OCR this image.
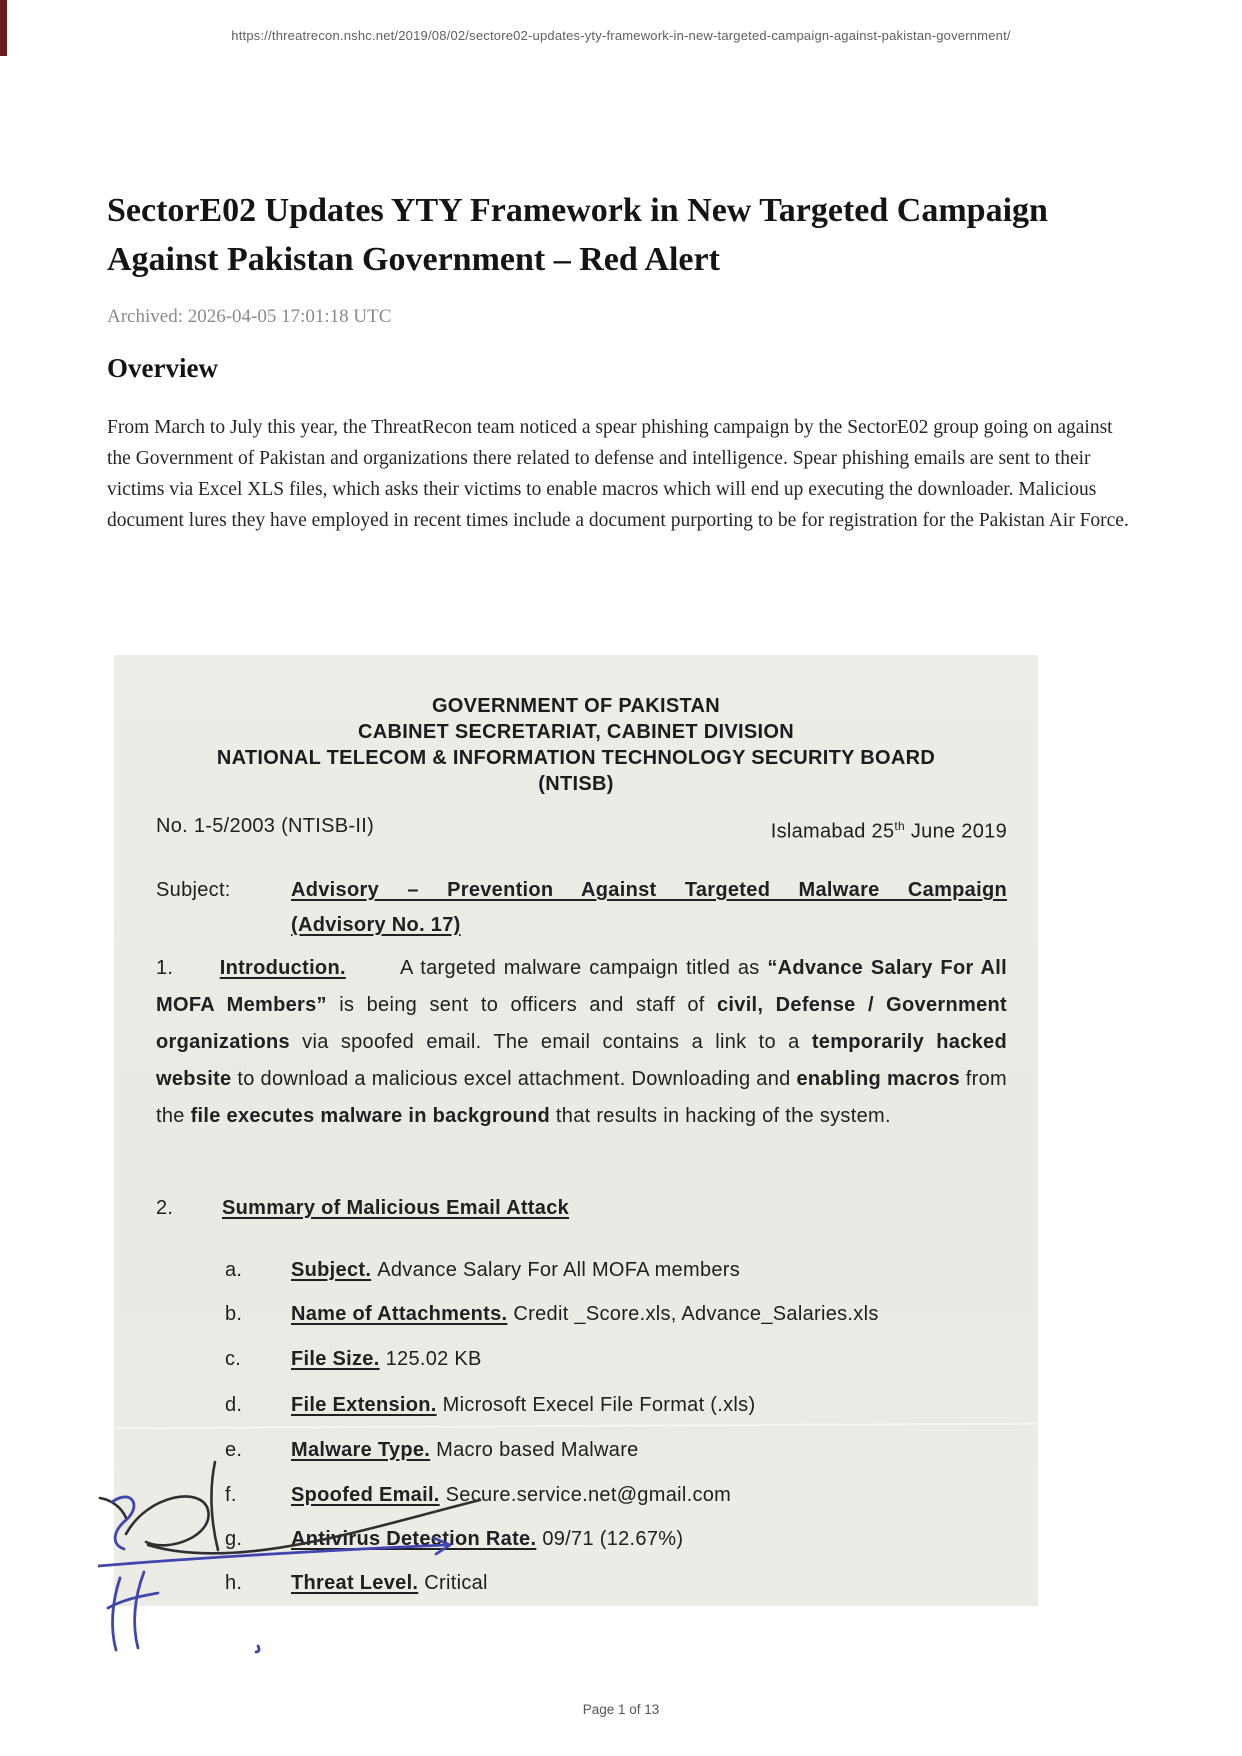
https://threatrecon.nshc.net/2019/08/02/sectore02-updates-yty-framework-in-new-targeted-campaign-against-pakistan-government/
SectorE02 Updates YTY Framework in New Targeted Campaign Against Pakistan Government – Red Alert
Archived: 2026-04-05 17:01:18 UTC
Overview

From March to July this year, the ThreatRecon team noticed a spear phishing campaign by the SectorE02 group going on against the Government of Pakistan and organizations there related to defense and intelligence. Spear phishing emails are sent to their victims via Excel XLS files, which asks their victims to enable macros which will end up executing the downloader. Malicious document lures they have employed in recent times include a document purporting to be for registration for the Pakistan Air Force.

GOVERNMENT OF PAKISTAN
CABINET SECRETARIAT, CABINET DIVISION
NATIONAL TELECOM & INFORMATION TECHNOLOGY SECURITY BOARD
(NTISB)
No. 1-5/2003 (NTISB-II)	Islamabad 25th June 2019
Subject:	Advisory – Prevention Against Targeted Malware Campaign
(Advisory No. 17)
1.      Introduction.       A targeted malware campaign titled as “Advance Salary For All MOFA Members” is being sent to officers and staff of civil, Defense / Government organizations via spoofed email. The email contains a link to a temporarily hacked website to download a malicious excel attachment. Downloading and enabling macros from the file executes malware in background that results in hacking of the system.
2. Summary of Malicious Email Attack
a. Subject. Advance Salary For All MOFA members
b. Name of Attachments. Credit _Score.xls, Advance_Salaries.xls
c. File Size. 125.02 KB
d. File Extension. Microsoft Execel File Format (.xls)
e. Malware Type. Macro based Malware
f.	Spoofed Email. Secure.service.net@gmail.com
g. Antivirus Detection Rate. 09/71 (12.67%)
h. Threat Level. Critical
Page 1 of 13
